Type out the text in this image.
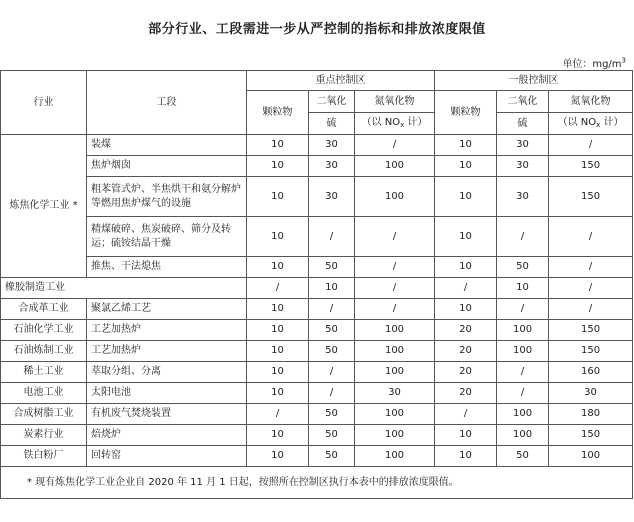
部分行业、工段需进一步从严控制的指标和排放浓度限值
单位：$mg/m^3$
行业	工段	重点控制区			一般控制区		
		颗粒物	二氧化	氮氧化物	颗粒物	二氧化	氮氧化物
			硫	（以 $NO_x$ 计）		硫	（以 $NO_x$ 计）
炼焦化学工业 *	装煤	10	30	/	10	30	/
	焦炉烟囱	10	30	100	10	30	150
	粗苯管式炉、半焦烘干和氨分解炉等燃用焦炉煤气的设施	10	30	100	10	30	150
	精煤破碎、焦炭破碎、筛分及转运；硫铵结晶干燥	10	/	/	10	/	/
	推焦、干法熄焦	10	50	/	10	50	/
橡胶制造工业		/	10	/	/	10	/
合成革工业	聚氯乙烯工艺	10	/	/	10	/	/
石油化学工业	工艺加热炉	10	50	100	20	100	150
石油炼制工业	工艺加热炉	10	50	100	20	100	150
稀土工业	萃取分组、分离	10	/	100	20	/	160
电池工业	太阳电池	10	/	30	20	/	30
合成树脂工业	有机废气焚烧装置	/	50	100	/	100	180
炭素行业	焙烧炉	10	50	100	10	100	150
铁白粉厂	回转窑	10	50	100	10	50	100
* 现有炼焦化学工业企业自 2020 年 11 月 1 日起，按照所在控制区执行本表中的排放浓度限值。							
